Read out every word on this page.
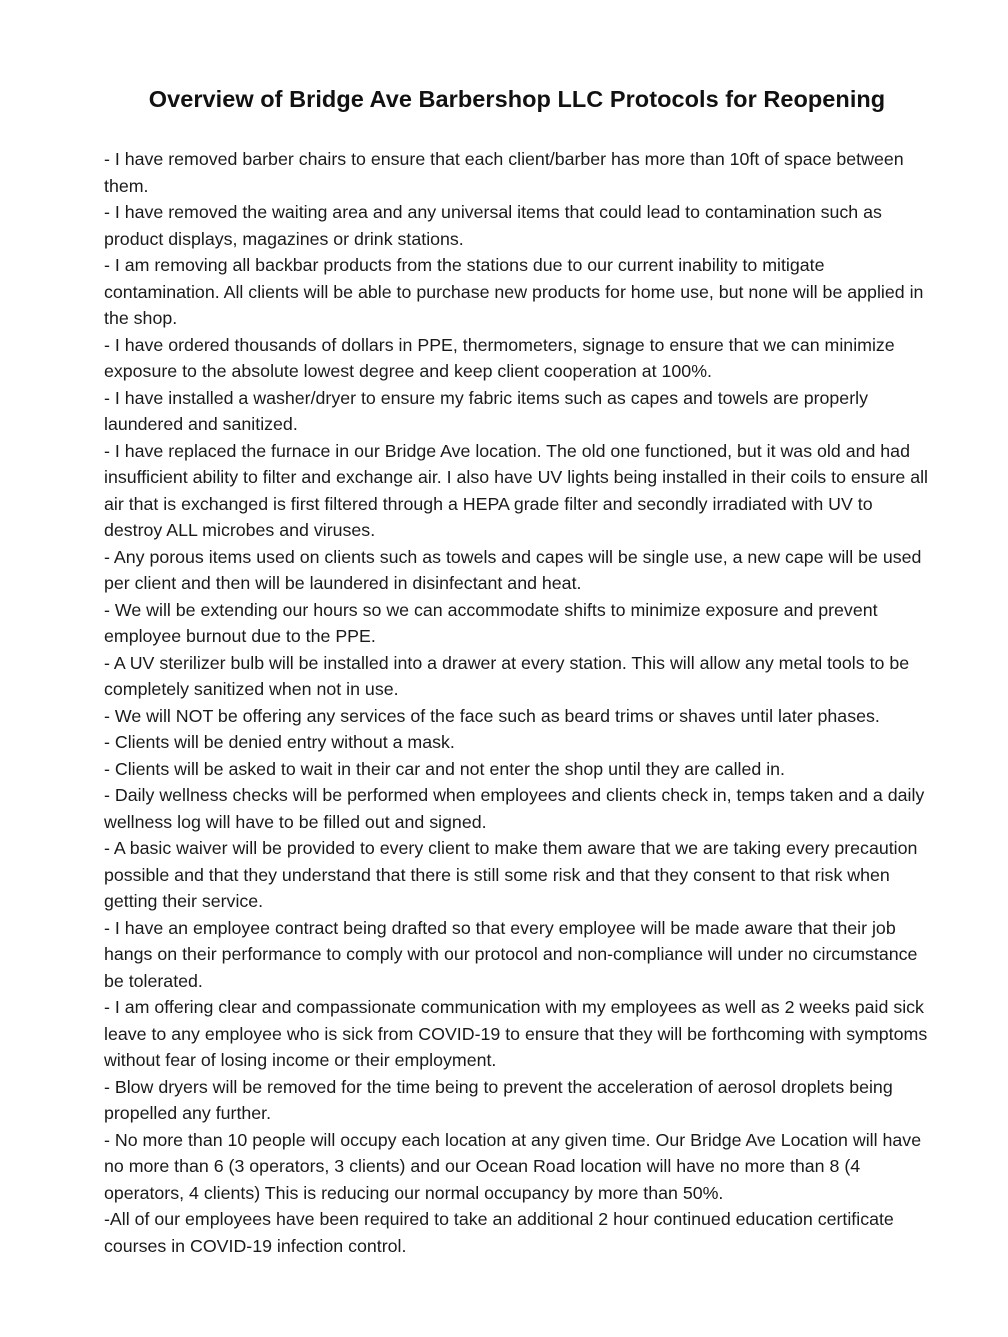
Overview of Bridge Ave Barbershop LLC Protocols for Reopening
- I have removed barber chairs to ensure that each client/barber has more than 10ft of space between them.
- I have removed the waiting area and any universal items that could lead to contamination such as product displays, magazines or drink stations.
- I am removing all backbar products from the stations due to our current inability to mitigate contamination. All clients will be able to purchase new products for home use, but none will be applied in the shop.
- I have ordered thousands of dollars in PPE, thermometers, signage to ensure that we can minimize exposure to the absolute lowest degree and keep client cooperation at 100%.
- I have installed a washer/dryer to ensure my fabric items such as capes and towels are properly laundered and sanitized.
- I have replaced the furnace in our Bridge Ave location. The old one functioned, but it was old and had insufficient ability to filter and exchange air. I also have UV lights being installed in their coils to ensure all air that is exchanged is first filtered through a HEPA grade filter and secondly irradiated with UV to destroy ALL microbes and viruses.
- Any porous items used on clients such as towels and capes will be single use, a new cape will be used per client and then will be laundered in disinfectant and heat.
- We will be extending our hours so we can accommodate shifts to minimize exposure and prevent employee burnout due to the PPE.
- A UV sterilizer bulb will be installed into a drawer at every station. This will allow any metal tools to be completely sanitized when not in use.
- We will NOT be offering any services of the face such as beard trims or shaves until later phases.
- Clients will be denied entry without a mask.
- Clients will be asked to wait in their car and not enter the shop until they are called in.
- Daily wellness checks will be performed when employees and clients check in, temps taken and a daily wellness log will have to be filled out and signed.
- A basic waiver will be provided to every client to make them aware that we are taking every precaution possible and that they understand that there is still some risk and that they consent to that risk when getting their service.
- I have an employee contract being drafted so that every employee will be made aware that their job hangs on their performance to comply with our protocol and non-compliance will under no circumstance be tolerated.
- I am offering clear and compassionate communication with my employees as well as 2 weeks paid sick leave to any employee who is sick from COVID-19 to ensure that they will be forthcoming with symptoms without fear of losing income or their employment.
- Blow dryers will be removed for the time being to prevent the acceleration of aerosol droplets being propelled any further.
- No more than 10 people will occupy each location at any given time. Our Bridge Ave Location will have no more than 6 (3 operators, 3 clients) and our Ocean Road location will have no more than 8 (4 operators, 4 clients) This is reducing our normal occupancy by more than 50%.
-All of our employees have been required to take an additional 2 hour continued education certificate courses in COVID-19 infection control.
